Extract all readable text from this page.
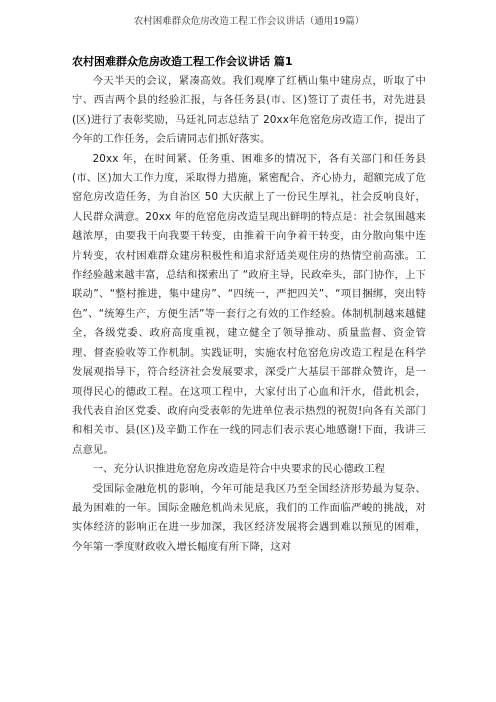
农村困难群众危房改造工程工作会议讲话（通用19篇）
农村困难群众危房改造工程工作会议讲话 篇1

今天半天的会议，紧凑高效。我们观摩了红栖山集中建房点，听取了中宁、西吉两个县的经验汇报，与各任务县(市、区)签订了责任书，对先进县 (区)进行了表彰奖励，马廷礼同志总结了 20xx年危窑危房改造工作，提出了今年的工作任务，会后请同志们抓好落实。

20xx 年，在时间紧、任务重、困难多的情况下，各有关部门和任务县 (市、区)加大工作力度，采取得力措施，紧密配合、齐心协力，超额完成了危窑危房改造任务，为自治区 50 大庆献上了一份民生厚礼，社会反响良好，人民群众满意。20xx 年的危窑危房改造呈现出鲜明的特点是：社会氛围越来越浓厚，由要我干向我要干转变，由推着干向争着干转变，由分散向集中连片转变，农村困难群众建房积极性和追求舒适美观住房的热情空前高涨。工作经验越来越丰富，总结和探索出了 “政府主导，民政牵头，部门协作，上下联动”、“整村推进，集中建房”、“四统一，严把四关”、“项目捆绑，突出特色”、“统筹生产，方便生活”等一套行之有效的工作经验。体制机制越来越健全，各级党委、政府高度重视，建立健全了领导推动、质量监督、资金管理、督查验收等工作机制。实践证明，实施农村危窑危房改造工程是在科学发展观指导下，符合经济社会发展要求，深受广大基层干部群众赞许，是一项得民心的德政工程。在这项工程中，大家付出了心血和汗水，借此机会，我代表自治区党委、政府向受表彰的先进单位表示热烈的祝贺!向各有关部门和相关市、县(区)及辛勤工作在一线的同志们表示衷心地感谢!下面，我讲三点意见。

一、充分认识推进危窑危房改造是符合中央要求的民心德政工程

受国际金融危机的影响，今年可能是我区乃至全国经济形势最为复杂、最为困难的一年。国际金融危机尚未见底，我们的工作面临严峻的挑战，对实体经济的影响正在进一步加深，我区经济发展将会遇到难以预见的困难，今年第一季度财政收入增长幅度有所下降，这对
